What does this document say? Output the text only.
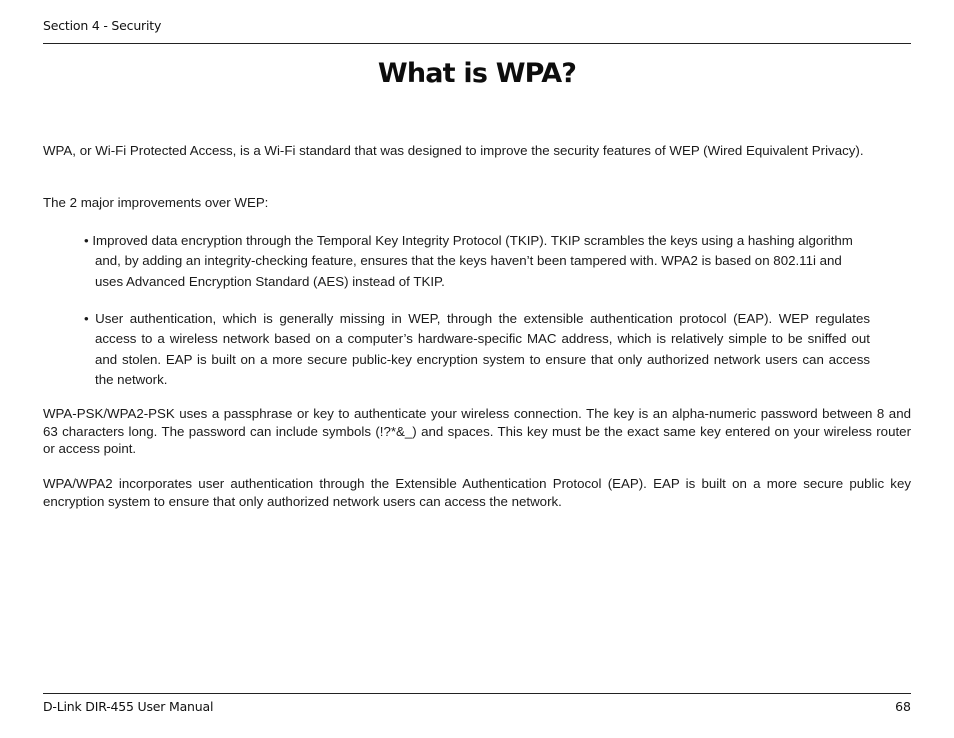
Section 4 - Security
What is WPA?

WPA, or Wi-Fi Protected Access, is a Wi-Fi standard that was designed to improve the security features of WEP (Wired Equivalent Privacy).

The 2 major improvements over WEP:

• Improved data encryption through the Temporal Key Integrity Protocol (TKIP). TKIP scrambles the keys using a hashing algorithm and, by adding an integrity-checking feature, ensures that the keys haven’t been tampered with. WPA2 is based on 802.11i and uses Advanced Encryption Standard (AES) instead of TKIP.

• User authentication, which is generally missing in WEP, through the extensible authentication protocol (EAP). WEP regulates access to a wireless network based on a computer’s hardware-specific MAC address, which is relatively simple to be sniffed out and stolen. EAP is built on a more secure public-key encryption system to ensure that only authorized network users can access the network.

WPA-PSK/WPA2-PSK uses a passphrase or key to authenticate your wireless connection. The key is an alpha-numeric password between 8 and 63 characters long. The password can include symbols (!?*&_) and spaces. This key must be the exact same key entered on your wireless router or access point.

WPA/WPA2 incorporates user authentication through the Extensible Authentication Protocol (EAP). EAP is built on a more secure public key encryption system to ensure that only authorized network users can access the network.

D-Link DIR-455 User Manual	68
